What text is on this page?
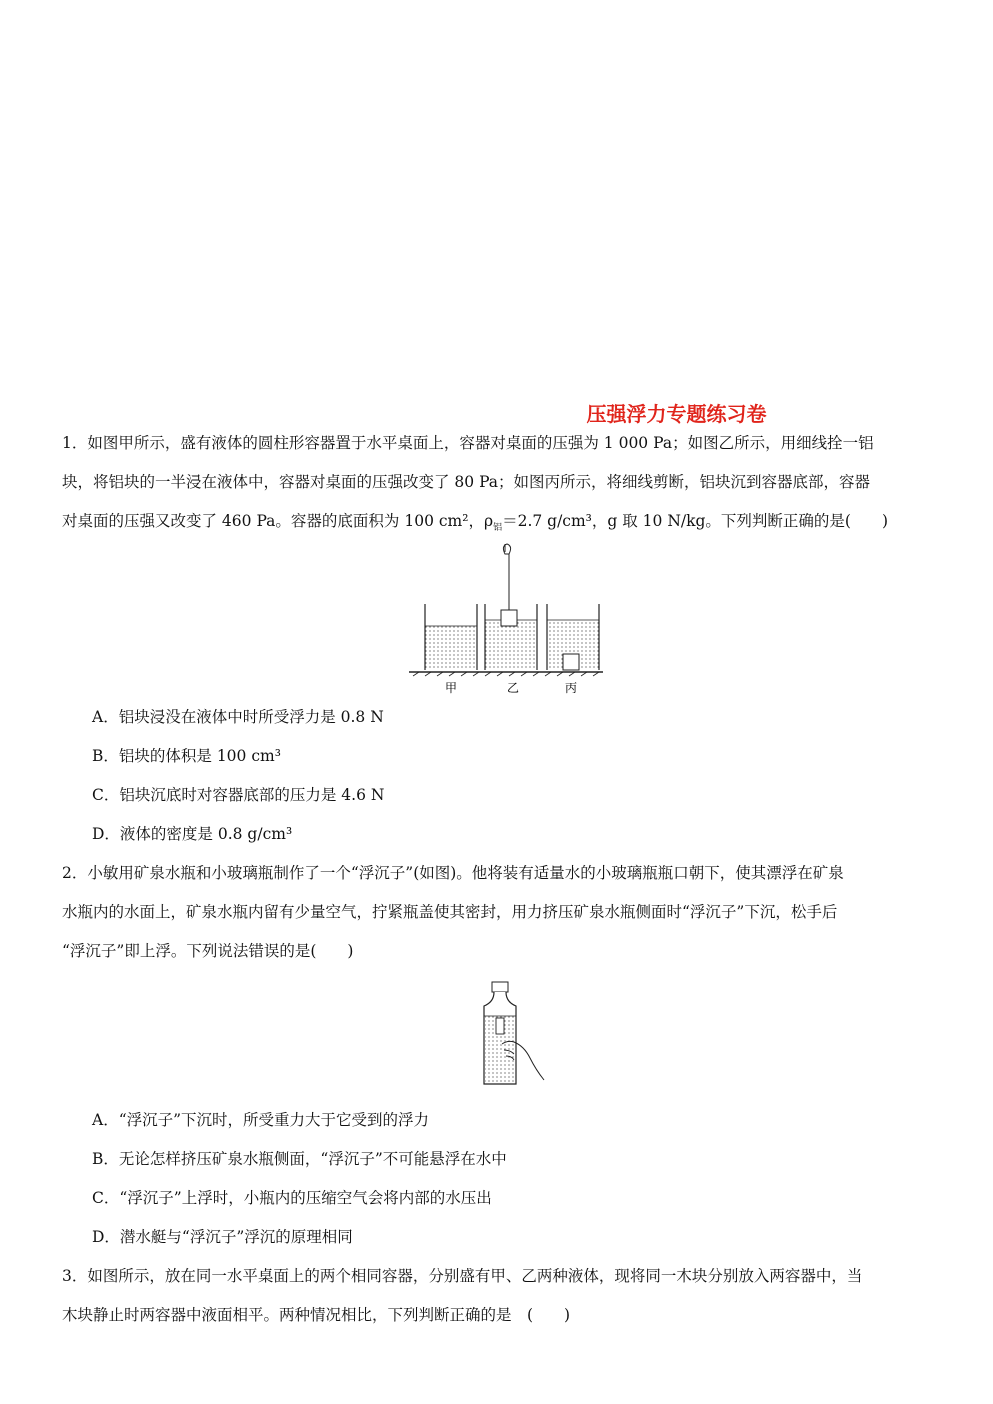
压强浮力专题练习卷
1．如图甲所示，盛有液体的圆柱形容器置于水平桌面上，容器对桌面的压强为 1 000 Pa；如图乙所示，用细线拴一铝
块，将铝块的一半浸在液体中，容器对桌面的压强改变了 80 Pa；如图丙所示，将细线剪断，铝块沉到容器底部，容器
对桌面的压强又改变了 460 Pa。容器的底面积为 100 cm²，$\rho_铝=2.7$ g/cm³，g 取 10 N/kg。下列判断正确的是(　　)
甲	乙	丙
A．铝块浸没在液体中时所受浮力是 0.8 N
B．铝块的体积是 100 cm³
C．铝块沉底时对容器底部的压力是 4.6 N
D．液体的密度是 0.8 g/cm³
2．小敏用矿泉水瓶和小玻璃瓶制作了一个“浮沉子”(如图)。他将装有适量水的小玻璃瓶瓶口朝下，使其漂浮在矿泉
水瓶内的水面上，矿泉水瓶内留有少量空气，拧紧瓶盖使其密封，用力挤压矿泉水瓶侧面时“浮沉子”下沉，松手后
“浮沉子”即上浮。下列说法错误的是(　　)
A．“浮沉子”下沉时，所受重力大于它受到的浮力
B．无论怎样挤压矿泉水瓶侧面，“浮沉子”不可能悬浮在水中
C．“浮沉子”上浮时，小瓶内的压缩空气会将内部的水压出
D．潜水艇与“浮沉子”浮沉的原理相同
3．如图所示，放在同一水平桌面上的两个相同容器，分别盛有甲、乙两种液体，现将同一木块分别放入两容器中，当
木块静止时两容器中液面相平。两种情况相比，下列判断正确的是　(　　)
